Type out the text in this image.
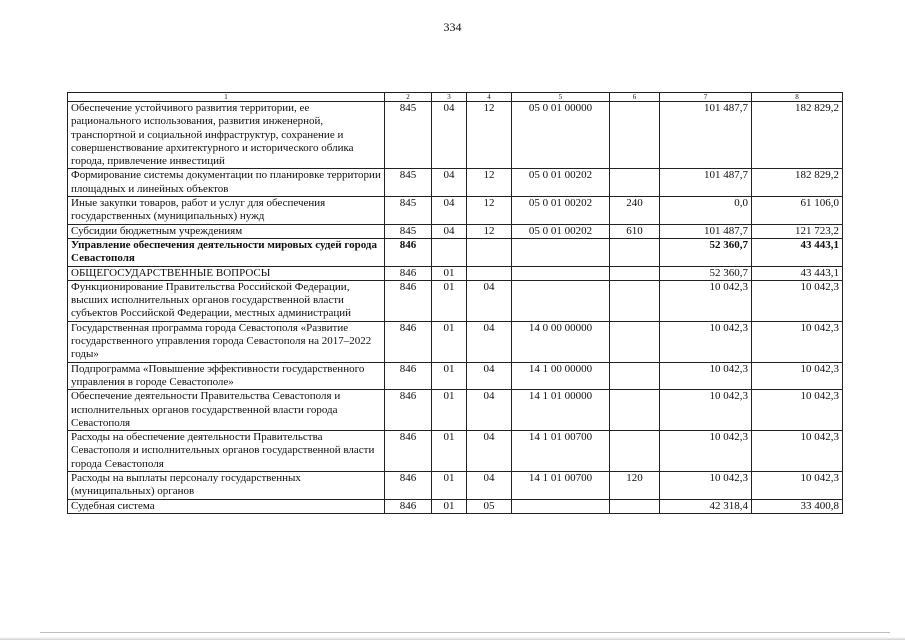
334
1	2	3	4	5	6	7	8
Обеспечение устойчивого развития территории, ее рационального использования, развития инженерной, транспортной и социальной инфраструктур, сохранение и совершенствование архитектурного и исторического облика города, привлечение инвестиций	845	04	12	05 0 01 00000		101 487,7	182 829,2
Формирование системы документации по планировке территории площадных и линейных объектов	845	04	12	05 0 01 00202		101 487,7	182 829,2
Иные закупки товаров, работ и услуг для обеспечения государственных (муниципальных) нужд	845	04	12	05 0 01 00202	240	0,0	61 106,0
Субсидии бюджетным учреждениям	845	04	12	05 0 01 00202	610	101 487,7	121 723,2
Управление обеспечения деятельности мировых судей города Севастополя	846					52 360,7	43 443,1
ОБЩЕГОСУДАРСТВЕННЫЕ ВОПРОСЫ	846	01				52 360,7	43 443,1
Функционирование Правительства Российской Федерации, высших исполнительных органов государственной власти субъектов Российской Федерации, местных администраций	846	01	04			10 042,3	10 042,3
Государственная программа города Севастополя «Развитие государственного управления города Севастополя на 2017–2022 годы»	846	01	04	14 0 00 00000		10 042,3	10 042,3
Подпрограмма «Повышение эффективности государственного управления в городе Севастополе»	846	01	04	14 1 00 00000		10 042,3	10 042,3
Обеспечение деятельности Правительства Севастополя и исполнительных органов государственной власти города Севастополя	846	01	04	14 1 01 00000		10 042,3	10 042,3
Расходы на обеспечение деятельности Правительства Севастополя и исполнительных органов государственной власти города Севастополя	846	01	04	14 1 01 00700		10 042,3	10 042,3
Расходы на выплаты персоналу государственных (муниципальных) органов	846	01	04	14 1 01 00700	120	10 042,3	10 042,3
Судебная система	846	01	05			42 318,4	33 400,8
